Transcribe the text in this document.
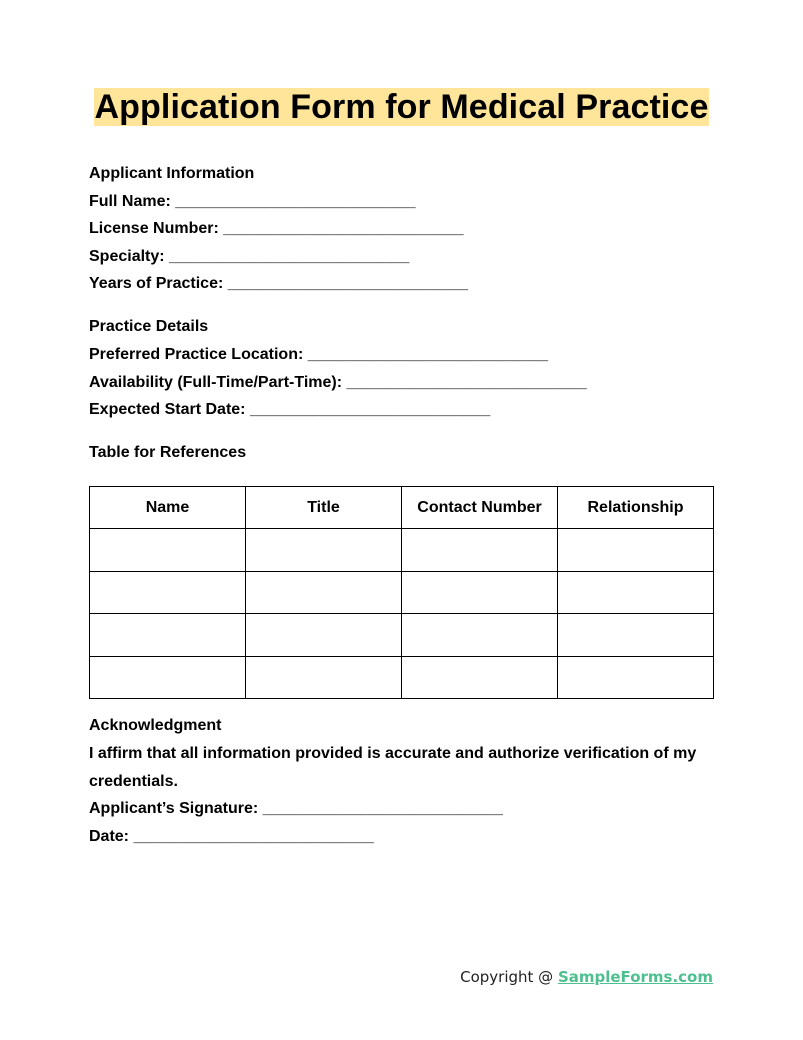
Application Form for Medical Practice

Applicant Information

Full Name: ___________________________

License Number: ___________________________

Specialty: ___________________________

Years of Practice: ___________________________

Practice Details

Preferred Practice Location: ___________________________

Availability (Full-Time/Part-Time): ___________________________

Expected Start Date: ___________________________

Table for References

Name	Title	Contact Number	Relationship

Acknowledgment

I affirm that all information provided is accurate and authorize verification of my credentials.

Applicant’s Signature: ___________________________

Date: ___________________________

Copyright @ SampleForms.com
